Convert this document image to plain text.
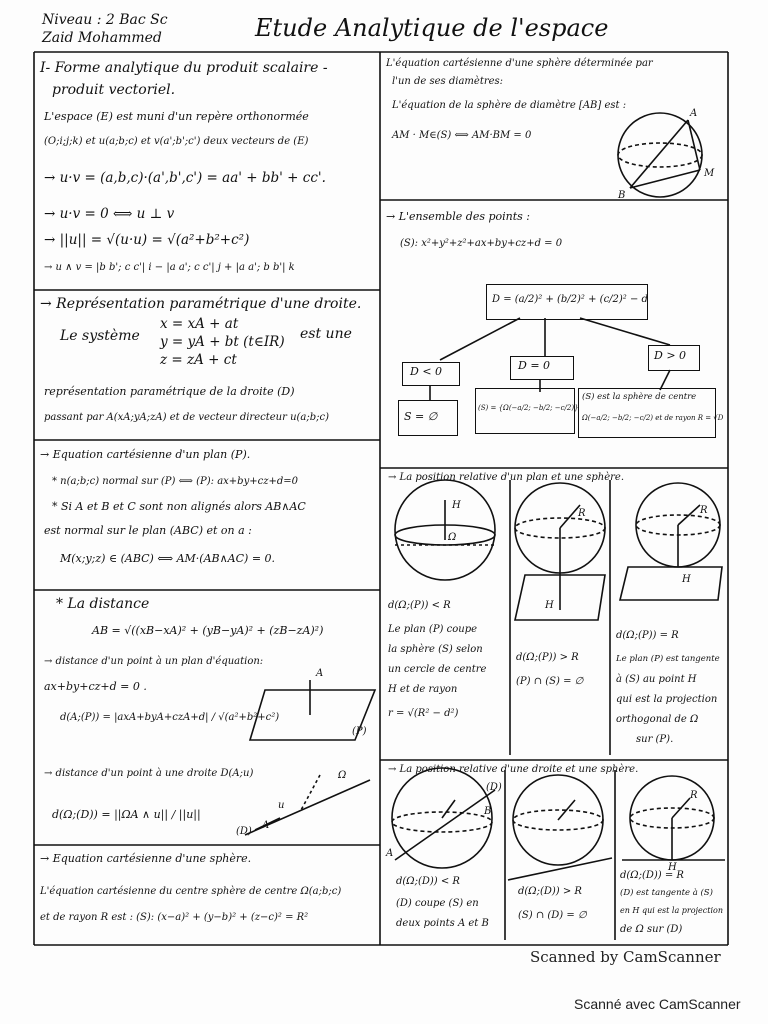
Niveau : 2 Bac Sc
Zaid Mohammed	Etude Analytique de l'espace
I- Forme analytique du produit scalaire -
produit vectoriel.
L'espace (E) est muni d'un repère orthonormée
(O;i;j;k) et u(a;b;c) et v(a';b';c') deux vecteurs de (E)
→ u·v = (a,b,c)·(a',b',c') = aa' + bb' + cc'.
→ u·v = 0 ⟺ u ⊥ v
→ ||u|| = √(u·u) = √(a²+b²+c²)
→ u ∧ v = |b b'; c c'| i − |a a'; c c'| j + |a a'; b b'| k
→ Représentation paramétrique d'une droite.
Le système
x = xA + at
y = yA + bt (t∈IR)
z = zA + ct
est une
représentation paramétrique de la droite (D)
passant par A(xA;yA;zA) et de vecteur directeur u(a;b;c)
→ Equation cartésienne d'un plan (P).
* n(a;b;c) normal sur (P) ⟺ (P): ax+by+cz+d=0
* Si A et B et C sont non alignés alors AB∧AC
est normal sur le plan (ABC) et on a :
M(x;y;z) ∈ (ABC) ⟺ AM·(AB∧AC) = 0.
* La distance
AB = √((xB−xA)² + (yB−yA)² + (zB−zA)²)
→ distance d'un point à un plan d'équation:
ax+by+cz+d = 0 .
d(A;(P)) = |axA+byA+czA+d| / √(a²+b²+c²)
→ distance d'un point à une droite D(A;u)
d(Ω;(D)) = ||ΩA ∧ u|| / ||u||
→ Equation cartésienne d'une sphère.
L'équation cartésienne du centre sphère de centre Ω(a;b;c)
et de rayon R est : (S): (x−a)² + (y−b)² + (z−c)² = R²
L'équation cartésienne d'une sphère déterminée par
l'un de ses diamètres:
L'équation de la sphère de diamètre [AB] est :
AM · M∈(S) ⟺ AM·BM = 0
A
M
B
→ L'ensemble des points :
(S): x²+y²+z²+ax+by+cz+d = 0
D = (a/2)² + (b/2)² + (c/2)² − d
D < 0	D = 0
D > 0
S = ∅
(S) = {Ω(−a/2; −b/2; −c/2)}
(S) est la sphère de centre
Ω(−a/2; −b/2; −c/2) et de rayon R = √D
→ La position relative d'un plan et une sphère.
H
Ω
R
H
R
H
d(Ω;(P)) < R
Le plan (P) coupe
la sphère (S) selon
un cercle de centre
H et de rayon
r = √(R² − d²)
d(Ω;(P)) > R
(P) ∩ (S) = ∅
d(Ω;(P)) = R
Le plan (P) est tangente
à (S) au point H
qui est la projection
orthogonal de Ω
sur (P).
→ La position relative d'une droite et une sphère.
A
B
(D)
R
H
d(Ω;(D)) < R
(D) coupe (S) en
deux points A et B
d(Ω;(D)) > R
(S) ∩ (D) = ∅
d(Ω;(D)) = R
(D) est tangente à (S)
en H qui est la projection
de Ω sur (D)
A
(P)
Ω
u
(D)
A
Scanned by CamScanner
Scanné avec CamScanner
